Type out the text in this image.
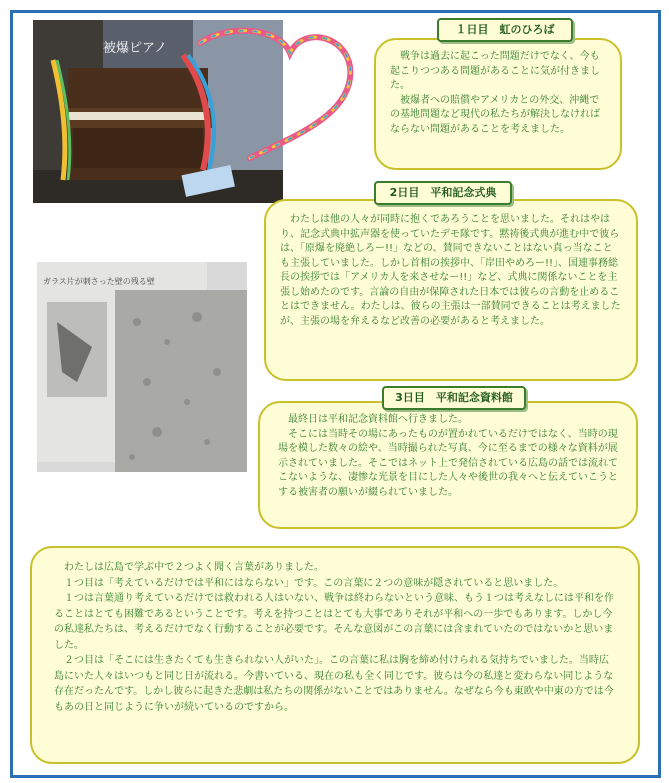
被爆ピアノ

戦争は過去に起こった問題だけでなく、今も起こりつつある問題があることに気が付きました。

被爆者への賠償やアメリカとの外交、沖縄での基地問題など現代の私たちが解決しなければならない問題があることを考えました。

１日目　虹のひろば

わたしは他の人々が同時に抱くであろうことを思いました。それはやはり、記念式典中拡声器を使っていたデモ隊です。黙祷後式典が進む中で彼らは、「原爆を廃絶しろー!!」などの、賛同できないことはない真っ当なことも主張していました。しかし首相の挨拶中、「岸田やめろー!!」、国連事務総長の挨拶では「アメリカ人を来させなー!!」など、式典に関係ないことを主張し始めたのです。言論の自由が保障された日本では彼らの言動を止めることはできません。わたしは、彼らの主張は一部賛同できることは考えましたが、主張の場を弁えるなど改善の必要があると考えました。

2日目　平和記念式典
ガラス片が刺さった壁の残る壁

最終日は平和記念資料館へ行きました。

そこには当時その場にあったものが置かれているだけではなく、当時の現場を模した数々の絵や、当時撮られた写真、今に至るまでの様々な資料が展示されていました。そこではネット上で発信されている広島の話では流れてこないような、凄惨な光景を目にした人々や後世の我々へと伝えていこうとする被害者の願いが綴られていました。

3日目　平和記念資料館

わたしは広島で学ぶ中で２つよく聞く言葉がありました。

１つ目は「考えているだけでは平和にはならない」です。この言葉に２つの意味が隠されていると思いました。

１つは言葉通り考えているだけでは救われる人はいない、戦争は終わらないという意味、もう１つは考えなしには平和を作ることはとても困難であるということです。考えを持つことはとても大事でありそれが平和への一歩でもあります。しかし今の私達私たちは、考えるだけでなく行動することが必要です。そんな意図がこの言葉には含まれていたのではないかと思いました。

２つ目は「そこには生きたくても生きられない人がいた」。この言葉に私は胸を締め付けられる気持ちでいました。当時広島にいた人々はいつもと同じ日が流れる。今書いている、現在の私も全く同じです。彼らは今の私達と変わらない同じような存在だったんです。しかし彼らに起きた悲劇は私たちの関係がないことではありません。なぜなら今も東欧や中東の方では今もあの日と同じように争いが続いているのですから。
